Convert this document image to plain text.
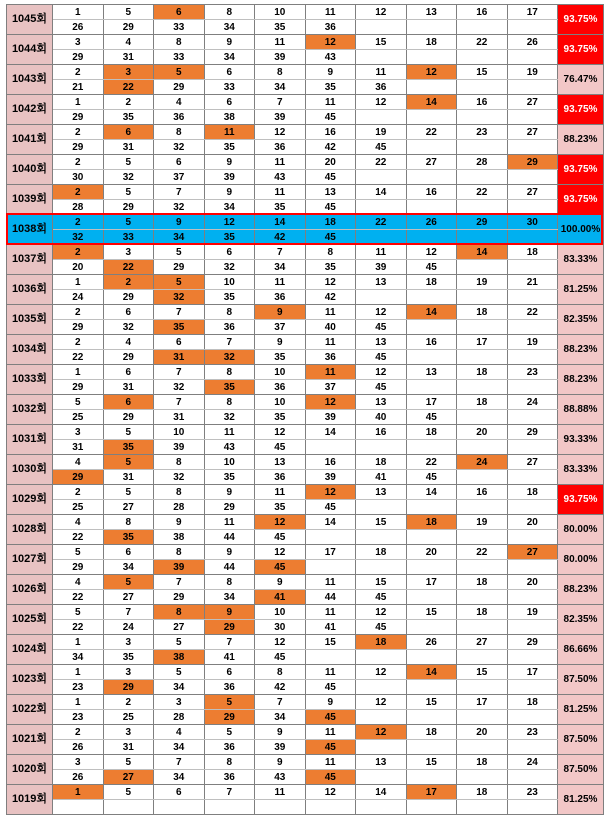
1045회	1	5	6	8	10	11	12	13	16	17	93.75%
	26	29	33	34	35	36					
1044회	3	4	8	9	11	12	15	18	22	26	93.75%
	29	31	33	34	39	43					
1043회	2	3	5	6	8	9	11	12	15	19	76.47%
	21	22	29	33	34	35	36				
1042회	1	2	4	6	7	11	12	14	16	27	93.75%
	29	35	36	38	39	45					
1041회	2	6	8	11	12	16	19	22	23	27	88.23%
	29	31	32	35	36	42	45				
1040회	2	5	6	9	11	20	22	27	28	29	93.75%
	30	32	37	39	43	45					
1039회	2	5	7	9	11	13	14	16	22	27	93.75%
	28	29	32	34	35	45					
1038회	2	5	9	12	14	18	22	26	29	30	100.00%
	32	33	34	35	42	45					
1037회	2	3	5	6	7	8	11	12	14	18	83.33%
	20	22	29	32	34	35	39	45			
1036회	1	2	5	10	11	12	13	18	19	21	81.25%
	24	29	32	35	36	42					
1035회	2	6	7	8	9	11	12	14	18	22	82.35%
	29	32	35	36	37	40	45				
1034회	2	4	6	7	9	11	13	16	17	19	88.23%
	22	29	31	32	35	36	45				
1033회	1	6	7	8	10	11	12	13	18	23	88.23%
	29	31	32	35	36	37	45				
1032회	5	6	7	8	10	12	13	17	18	24	88.88%
	25	29	31	32	35	39	40	45			
1031회	3	5	10	11	12	14	16	18	20	29	93.33%
	31	35	39	43	45						
1030회	4	5	8	10	13	16	18	22	24	27	83.33%
	29	31	32	35	36	39	41	45			
1029회	2	5	8	9	11	12	13	14	16	18	93.75%
	25	27	28	29	35	45					
1028회	4	8	9	11	12	14	15	18	19	20	80.00%
	22	35	38	44	45						
1027회	5	6	8	9	12	17	18	20	22	27	80.00%
	29	34	39	44	45						
1026회	4	5	7	8	9	11	15	17	18	20	88.23%
	22	27	29	34	41	44	45				
1025회	5	7	8	9	10	11	12	15	18	19	82.35%
	22	24	27	29	30	41	45				
1024회	1	3	5	7	12	15	18	26	27	29	86.66%
	34	35	38	41	45						
1023회	1	3	5	6	8	11	12	14	15	17	87.50%
	23	29	34	36	42	45					
1022회	1	2	3	5	7	9	12	15	17	18	81.25%
	23	25	28	29	34	45					
1021회	2	3	4	5	9	11	12	18	20	23	87.50%
	26	31	34	36	39	45					
1020회	3	5	7	8	9	11	13	15	18	24	87.50%
	26	27	34	36	43	45					
1019회	1	5	6	7	11	12	14	17	18	23	81.25%
